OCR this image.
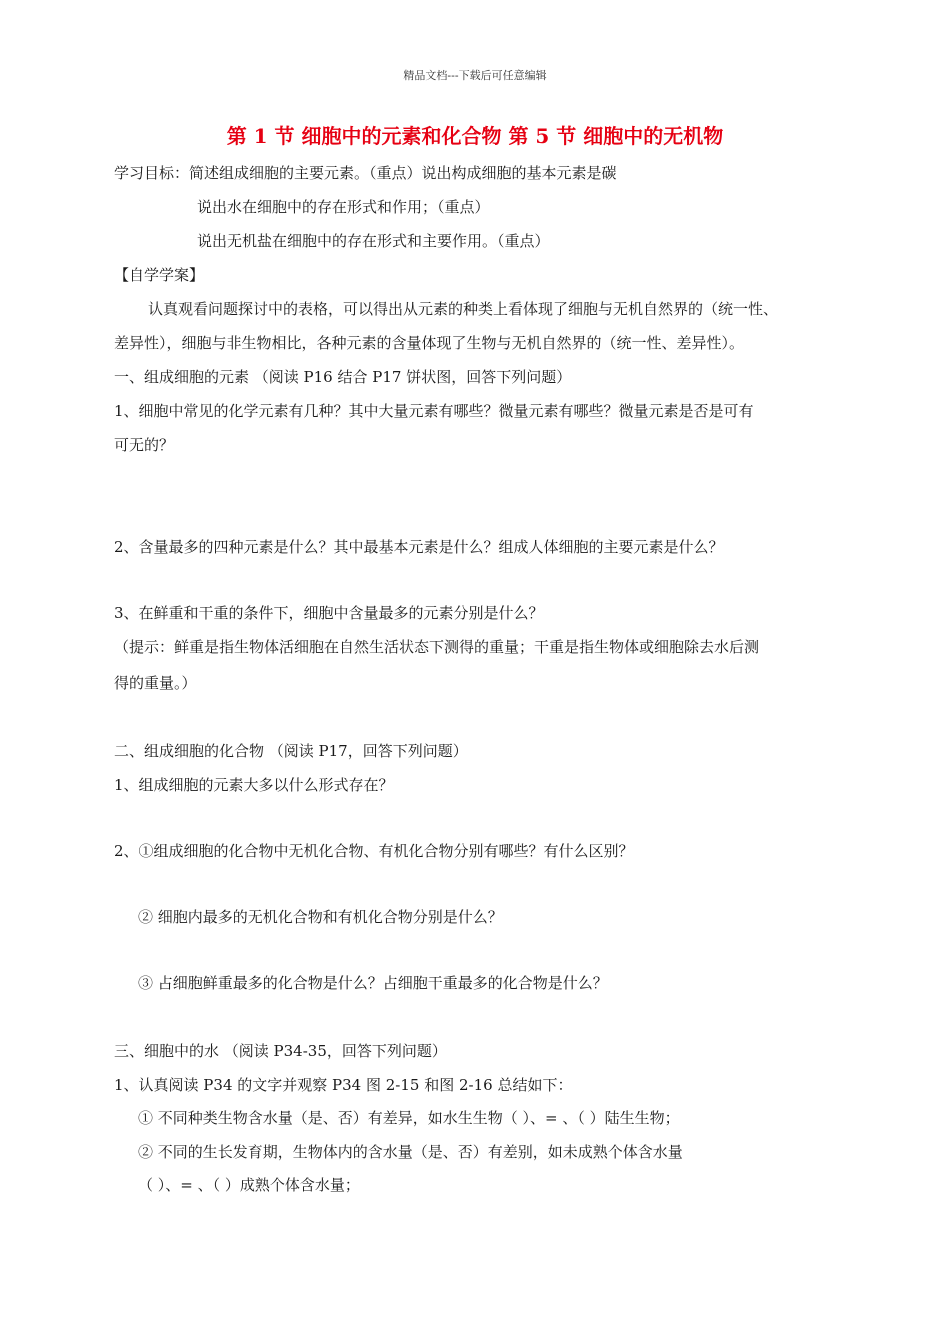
精品文档---下载后可任意编辑
第 1 节 细胞中的元素和化合物 第 5 节 细胞中的无机物
学习目标：简述组成细胞的主要元素。（重点）说出构成细胞的基本元素是碳
说出水在细胞中的存在形式和作用；（重点）
说出无机盐在细胞中的存在形式和主要作用。（重点）
【自学学案】
认真观看问题探讨中的表格，可以得出从元素的种类上看体现了细胞与无机自然界的（统一性、
差异性），细胞与非生物相比，各种元素的含量体现了生物与无机自然界的（统一性、差异性）。
一、组成细胞的元素 （阅读 P16 结合 P17 饼状图，回答下列问题）
1、细胞中常见的化学元素有几种？其中大量元素有哪些？微量元素有哪些？微量元素是否是可有
可无的？
2、含量最多的四种元素是什么？其中最基本元素是什么？组成人体细胞的主要元素是什么？
3、在鲜重和干重的条件下，细胞中含量最多的元素分别是什么？
（提示：鲜重是指生物体活细胞在自然生活状态下测得的重量；干重是指生物体或细胞除去水后测
得的重量。）
二、组成细胞的化合物 （阅读 P17，回答下列问题）
1、组成细胞的元素大多以什么形式存在？
2、①组成细胞的化合物中无机化合物、有机化合物分别有哪些？有什么区别？
② 细胞内最多的无机化合物和有机化合物分别是什么？
③ 占细胞鲜重最多的化合物是什么？占细胞干重最多的化合物是什么？
三、细胞中的水 （阅读 P34-35，回答下列问题）
1、认真阅读 P34 的文字并观察 P34 图 2-15 和图 2-16 总结如下：
① 不同种类生物含水量（是、否）有差异，如水生生物（ ）、= 、（ ）陆生生物；
② 不同的生长发育期，生物体内的含水量（是、否）有差别，如未成熟个体含水量
（ ）、= 、（ ）成熟个体含水量；
